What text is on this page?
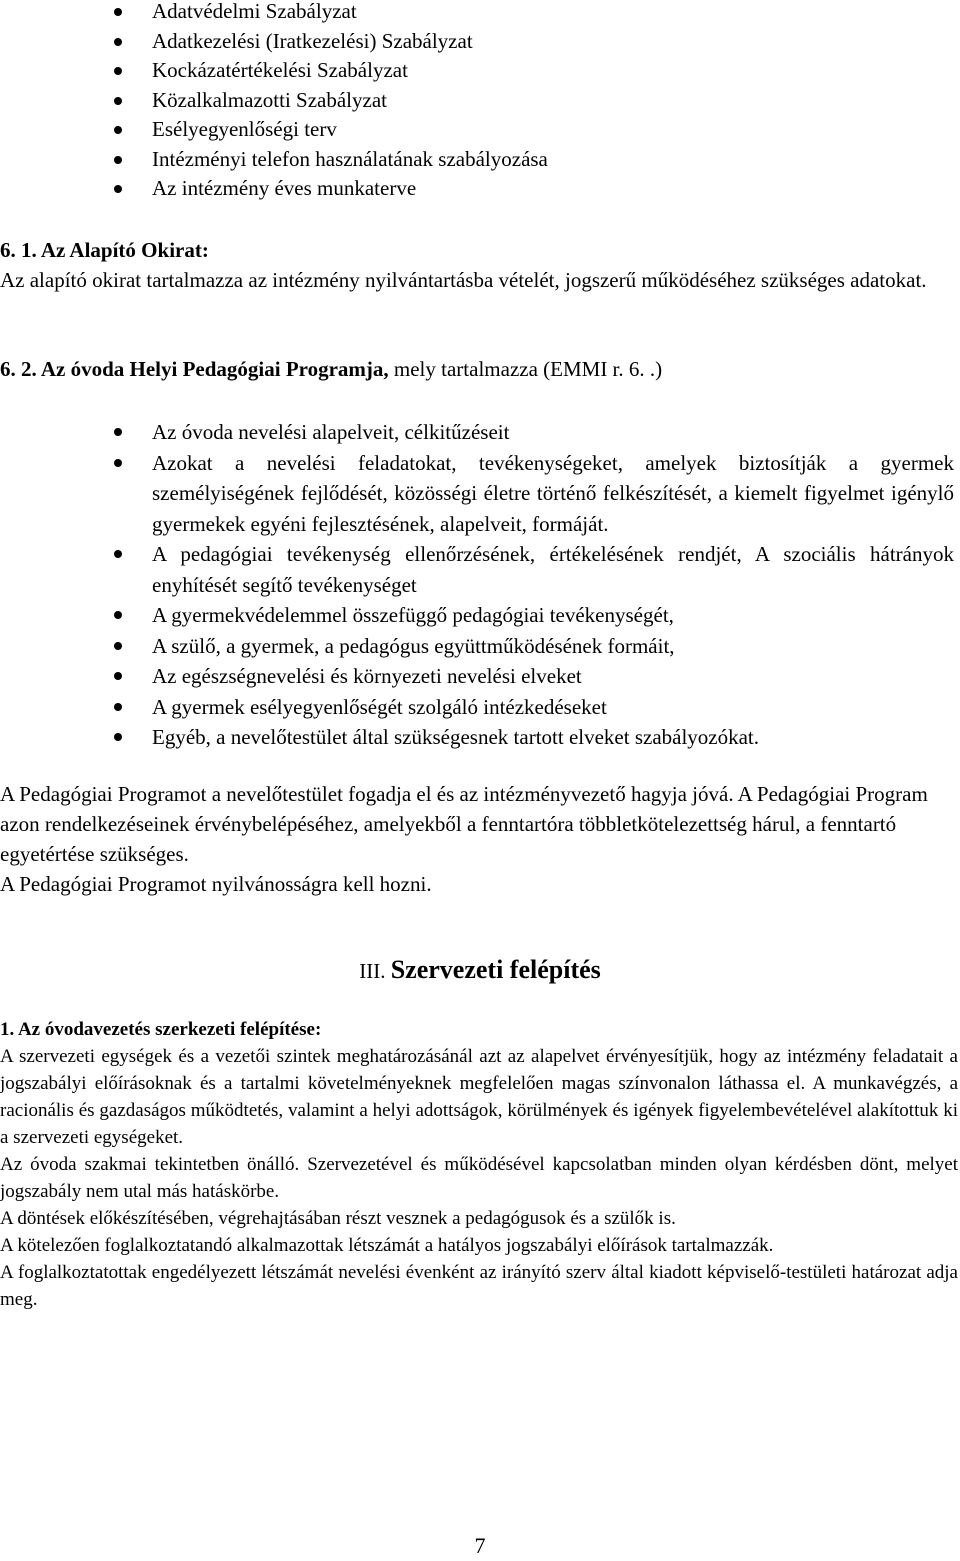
Adatvédelmi Szabályzat
Adatkezelési (Iratkezelési) Szabályzat
Kockázatértékelési Szabályzat
Közalkalmazotti Szabályzat
Esélyegyenlőségi terv
Intézményi telefon használatának szabályozása
Az intézmény éves munkaterve
6. 1. Az Alapító Okirat:
Az alapító okirat tartalmazza az intézmény nyilvántartásba vételét, jogszerű működéséhez szükséges adatokat.
6. 2. Az óvoda Helyi Pedagógiai Programja, mely tartalmazza (EMMI r. 6. .)
Az óvoda nevelési alapelveit, célkitűzéseit
Azokat a nevelési feladatokat, tevékenységeket, amelyek biztosítják a gyermek személyiségének fejlődését, közösségi életre történő felkészítését, a kiemelt figyelmet igénylő gyermekek egyéni fejlesztésének, alapelveit, formáját.
A pedagógiai tevékenység ellenőrzésének, értékelésének rendjét, A szociális hátrányok enyhítését segítő tevékenységet
A gyermekvédelemmel összefüggő pedagógiai tevékenységét,
A szülő, a gyermek, a pedagógus együttműködésének formáit,
Az egészségnevelési és környezeti nevelési elveket
A gyermek esélyegyenlőségét szolgáló intézkedéseket
Egyéb, a nevelőtestület által szükségesnek tartott elveket szabályozókat.
A Pedagógiai Programot a nevelőtestület fogadja el és az intézményvezető hagyja jóvá. A Pedagógiai Program azon rendelkezéseinek érvénybelépéséhez, amelyekből a fenntartóra többletkötelezettség hárul, a fenntartó egyetértése szükséges.
A Pedagógiai Programot nyilvánosságra kell hozni.
III. Szervezeti felépítés
1. Az óvodavezetés szerkezeti felépítése:
A szervezeti egységek és a vezetői szintek meghatározásánál azt az alapelvet érvényesítjük, hogy az intézmény feladatait a jogszabályi előírásoknak és a tartalmi követelményeknek megfelelően magas színvonalon láthassa el. A munkavégzés, a racionális és gazdaságos működtetés, valamint a helyi adottságok, körülmények és igények figyelembevételével alakítottuk ki a szervezeti egységeket.
Az óvoda szakmai tekintetben önálló. Szervezetével és működésével kapcsolatban minden olyan kérdésben dönt, melyet jogszabály nem utal más hatáskörbe.
A döntések előkészítésében, végrehajtásában részt vesznek a pedagógusok és a szülők is.
A kötelezően foglalkoztatandó alkalmazottak létszámát a hatályos jogszabályi előírások tartalmazzák.
A foglalkoztatottak engedélyezett létszámát nevelési évenként az irányító szerv által kiadott képviselő-testületi határozat adja meg.
7
